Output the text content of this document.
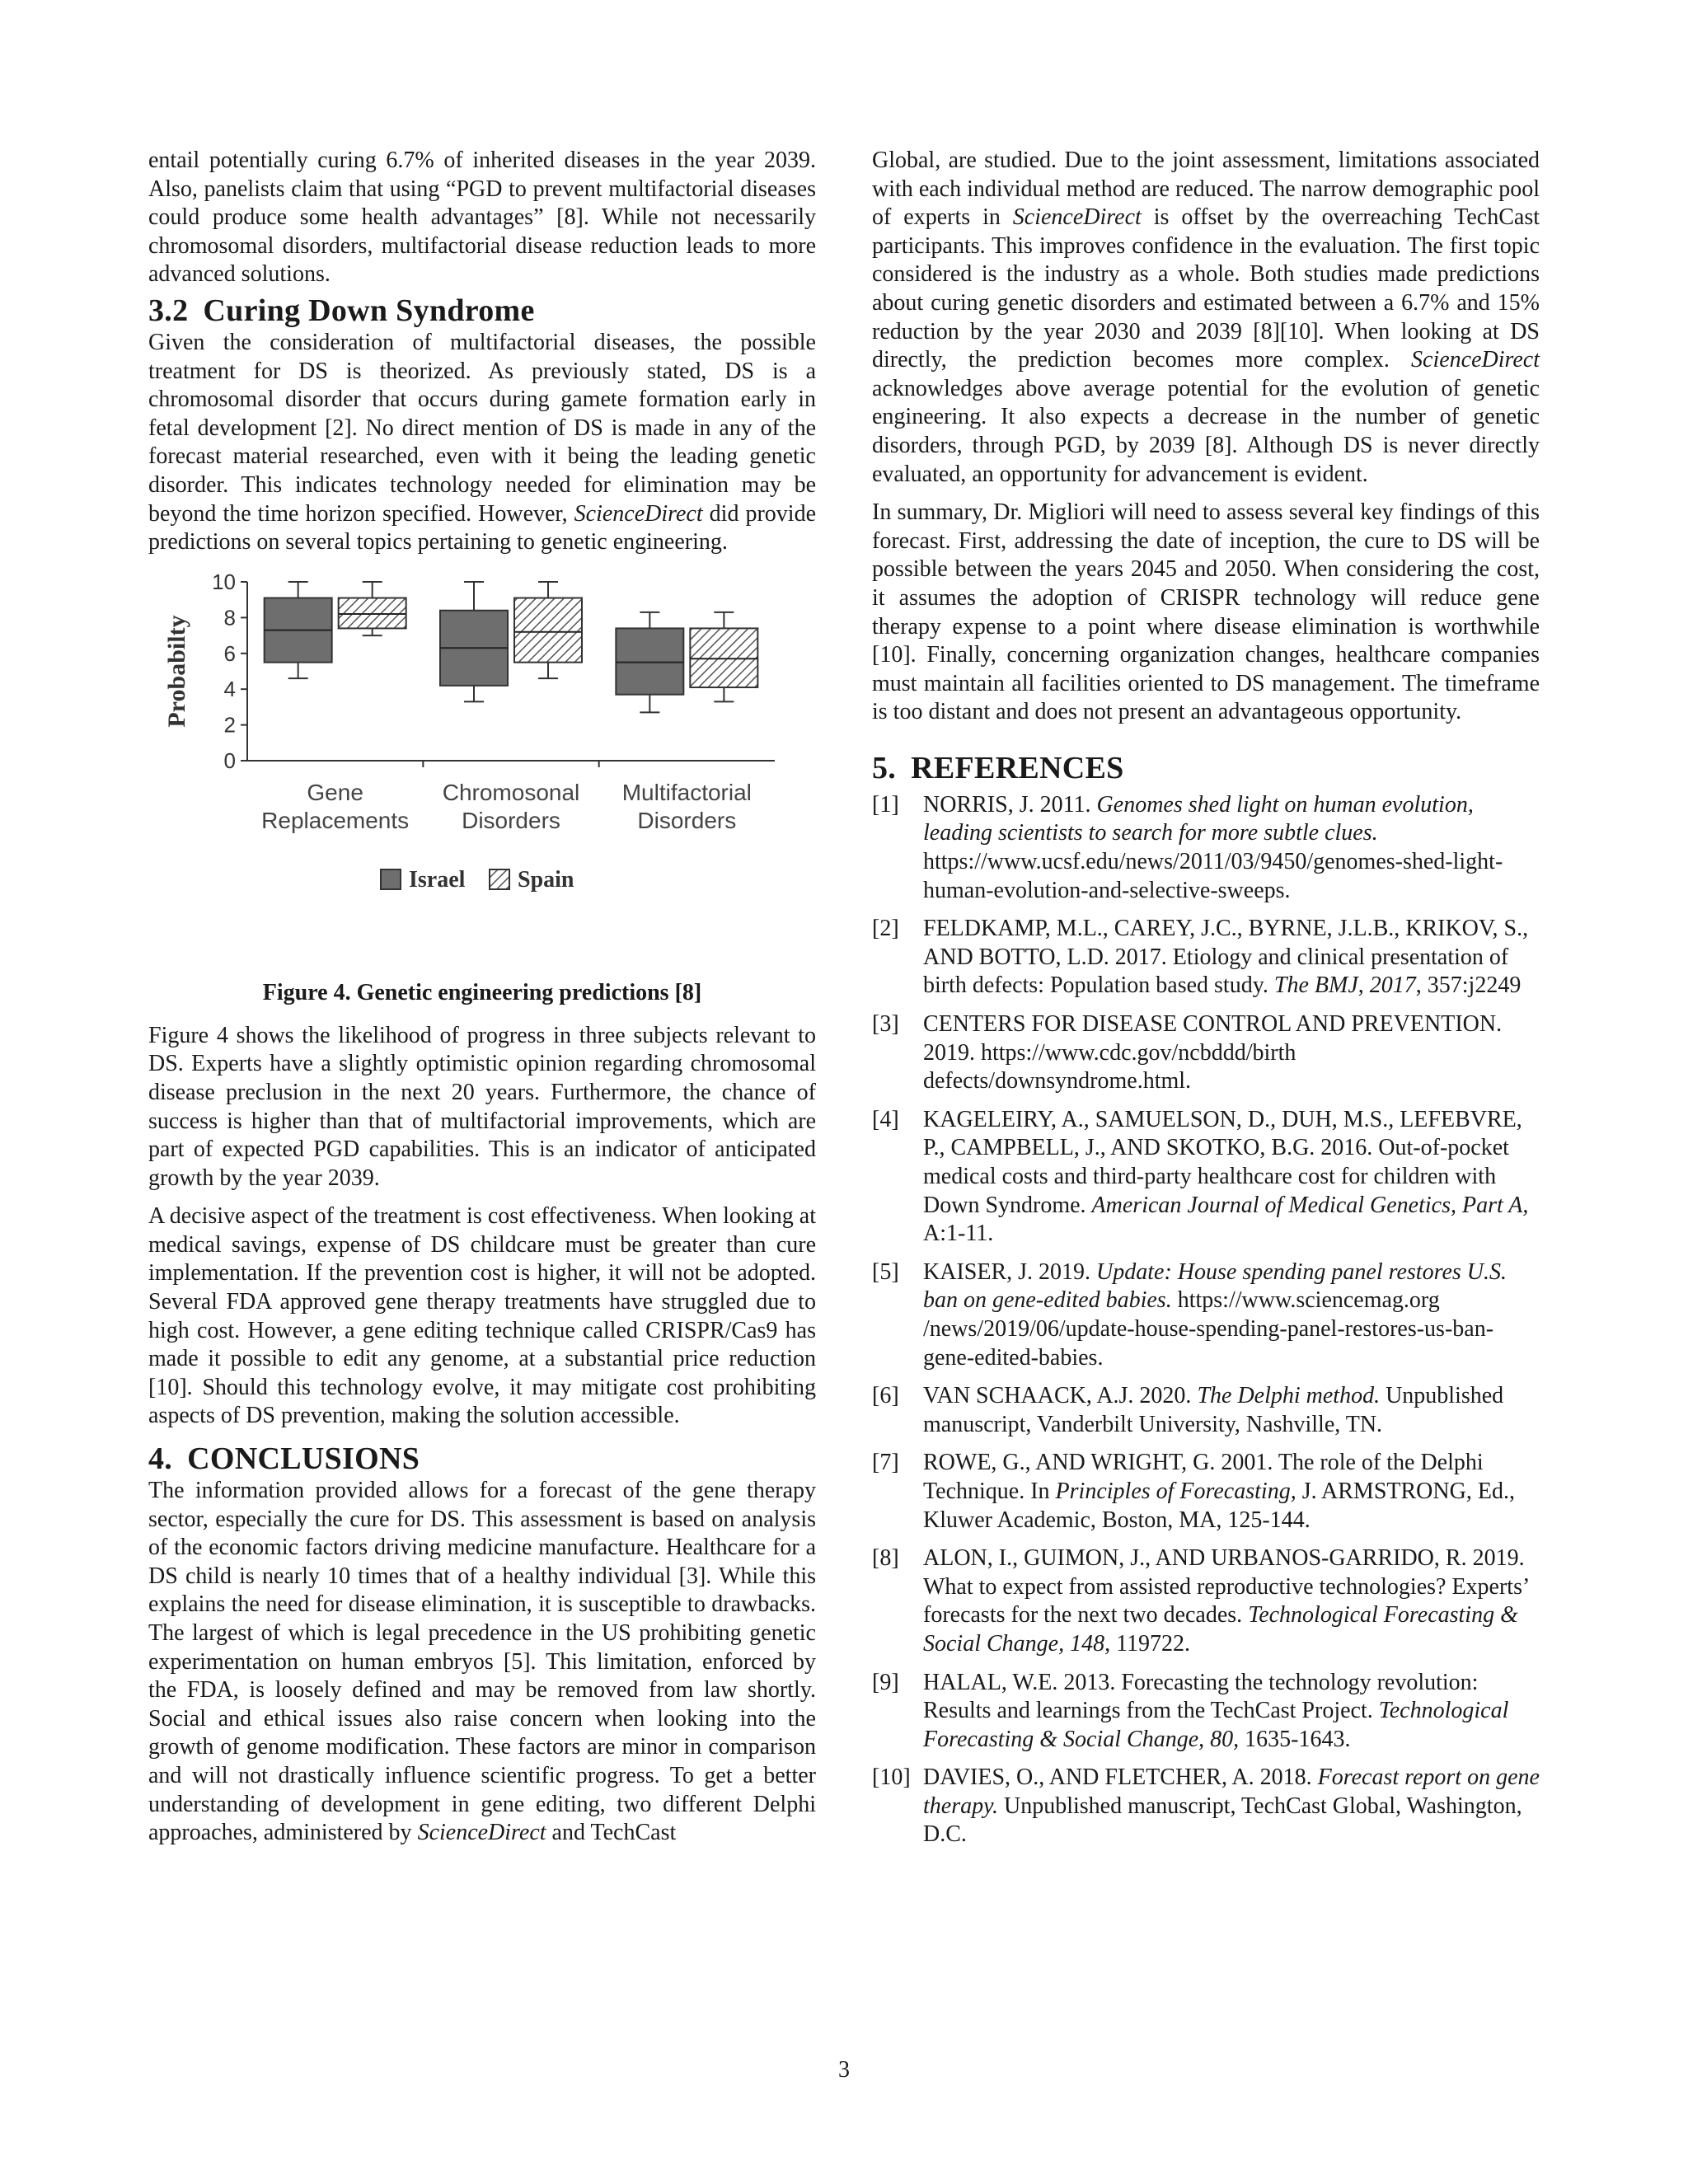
entail potentially curing 6.7% of inherited diseases in the year 2039. Also, panelists claim that using “PGD to prevent multifactorial diseases could produce some health advantages” [8]. While not necessarily chromosomal disorders, multifactorial disease reduction leads to more advanced solutions.

3.2 Curing Down Syndrome

Given the consideration of multifactorial diseases, the possible treatment for DS is theorized. As previously stated, DS is a chromosomal disorder that occurs during gamete formation early in fetal development [2]. No direct mention of DS is made in any of the forecast material researched, even with it being the leading genetic disorder. This indicates technology needed for elimination may be beyond the time horizon specified. However, ScienceDirect did provide predictions on several topics pertaining to genetic engineering.

0
2
4
6
8
10
Probabilty
Gene
Replacements
Chromosonal
Disorders
Multifactorial
Disorders
Israel Spain
Figure 4. Genetic engineering predictions [8]

Figure 4 shows the likelihood of progress in three subjects relevant to DS. Experts have a slightly optimistic opinion regarding chromosomal disease preclusion in the next 20 years. Furthermore, the chance of success is higher than that of multifactorial improvements, which are part of expected PGD capabilities. This is an indicator of anticipated growth by the year 2039.

A decisive aspect of the treatment is cost effectiveness. When looking at medical savings, expense of DS childcare must be greater than cure implementation. If the prevention cost is higher, it will not be adopted. Several FDA approved gene therapy treatments have struggled due to high cost. However, a gene editing technique called CRISPR/Cas9 has made it possible to edit any genome, at a substantial price reduction [10]. Should this technology evolve, it may mitigate cost prohibiting aspects of DS prevention, making the solution accessible.

4. CONCLUSIONS

The information provided allows for a forecast of the gene therapy sector, especially the cure for DS. This assessment is based on analysis of the economic factors driving medicine manufacture. Healthcare for a DS child is nearly 10 times that of a healthy individual [3]. While this explains the need for disease elimination, it is susceptible to drawbacks. The largest of which is legal precedence in the US prohibiting genetic experimentation on human embryos [5]. This limitation, enforced by the FDA, is loosely defined and may be removed from law shortly. Social and ethical issues also raise concern when looking into the growth of genome modification. These factors are minor in comparison and will not drastically influence scientific progress. To get a better understanding of development in gene editing, two different Delphi approaches, administered by ScienceDirect and TechCast

Global, are studied. Due to the joint assessment, limitations associated with each individual method are reduced. The narrow demographic pool of experts in ScienceDirect is offset by the overreaching TechCast participants. This improves confidence in the evaluation. The first topic considered is the industry as a whole. Both studies made predictions about curing genetic disorders and estimated between a 6.7% and 15% reduction by the year 2030 and 2039 [8][10]. When looking at DS directly, the prediction becomes more complex. ScienceDirect acknowledges above average potential for the evolution of genetic engineering. It also expects a decrease in the number of genetic disorders, through PGD, by 2039 [8]. Although DS is never directly evaluated, an opportunity for advancement is evident.

In summary, Dr. Migliori will need to assess several key findings of this forecast. First, addressing the date of inception, the cure to DS will be possible between the years 2045 and 2050. When considering the cost, it assumes the adoption of CRISPR technology will reduce gene therapy expense to a point where disease elimination is worthwhile [10]. Finally, concerning organization changes, healthcare companies must maintain all facilities oriented to DS management. The timeframe is too distant and does not present an advantageous opportunity.

5. REFERENCES
[1]	NORRIS, J. 2011. Genomes shed light on human evolution, leading scientists to search for more subtle clues. https://www.ucsf.edu/news/2011/03/9450/genomes-shed-light-human-evolution-and-selective-sweeps.
[2]	FELDKAMP, M.L., CAREY, J.C., BYRNE, J.L.B., KRIKOV, S., AND BOTTO, L.D. 2017. Etiology and clinical presentation of birth defects: Population based study. The BMJ, 2017, 357:j2249
[3]	CENTERS FOR DISEASE CONTROL AND PREVENTION. 2019. https://www.cdc.gov/ncbddd/birth defects/downsyndrome.html.
[4]	KAGELEIRY, A., SAMUELSON, D., DUH, M.S., LEFEBVRE, P., CAMPBELL, J., AND SKOTKO, B.G. 2016. Out-of-pocket medical costs and third-party healthcare cost for children with Down Syndrome. American Journal of Medical Genetics, Part A, A:1-11.
[5]	KAISER, J. 2019. Update: House spending panel restores U.S. ban on gene-edited babies. https://www.sciencemag.org /news/2019/06/update-house-spending-panel-restores-us-ban-gene-edited-babies.
[6]	VAN SCHAACK, A.J. 2020. The Delphi method. Unpublished manuscript, Vanderbilt University, Nashville, TN.
[7]	ROWE, G., AND WRIGHT, G. 2001. The role of the Delphi Technique. In Principles of Forecasting, J. ARMSTRONG, Ed., Kluwer Academic, Boston, MA, 125-144.
[8]	ALON, I., GUIMON, J., AND URBANOS-GARRIDO, R. 2019. What to expect from assisted reproductive technologies? Experts’ forecasts for the next two decades. Technological Forecasting & Social Change, 148, 119722.
[9]	HALAL, W.E. 2013. Forecasting the technology revolution: Results and learnings from the TechCast Project. Technological Forecasting & Social Change, 80, 1635-1643.
[10] DAVIES, O., AND FLETCHER, A. 2018. Forecast report on gene therapy. Unpublished manuscript, TechCast Global, Washington, D.C.
3
